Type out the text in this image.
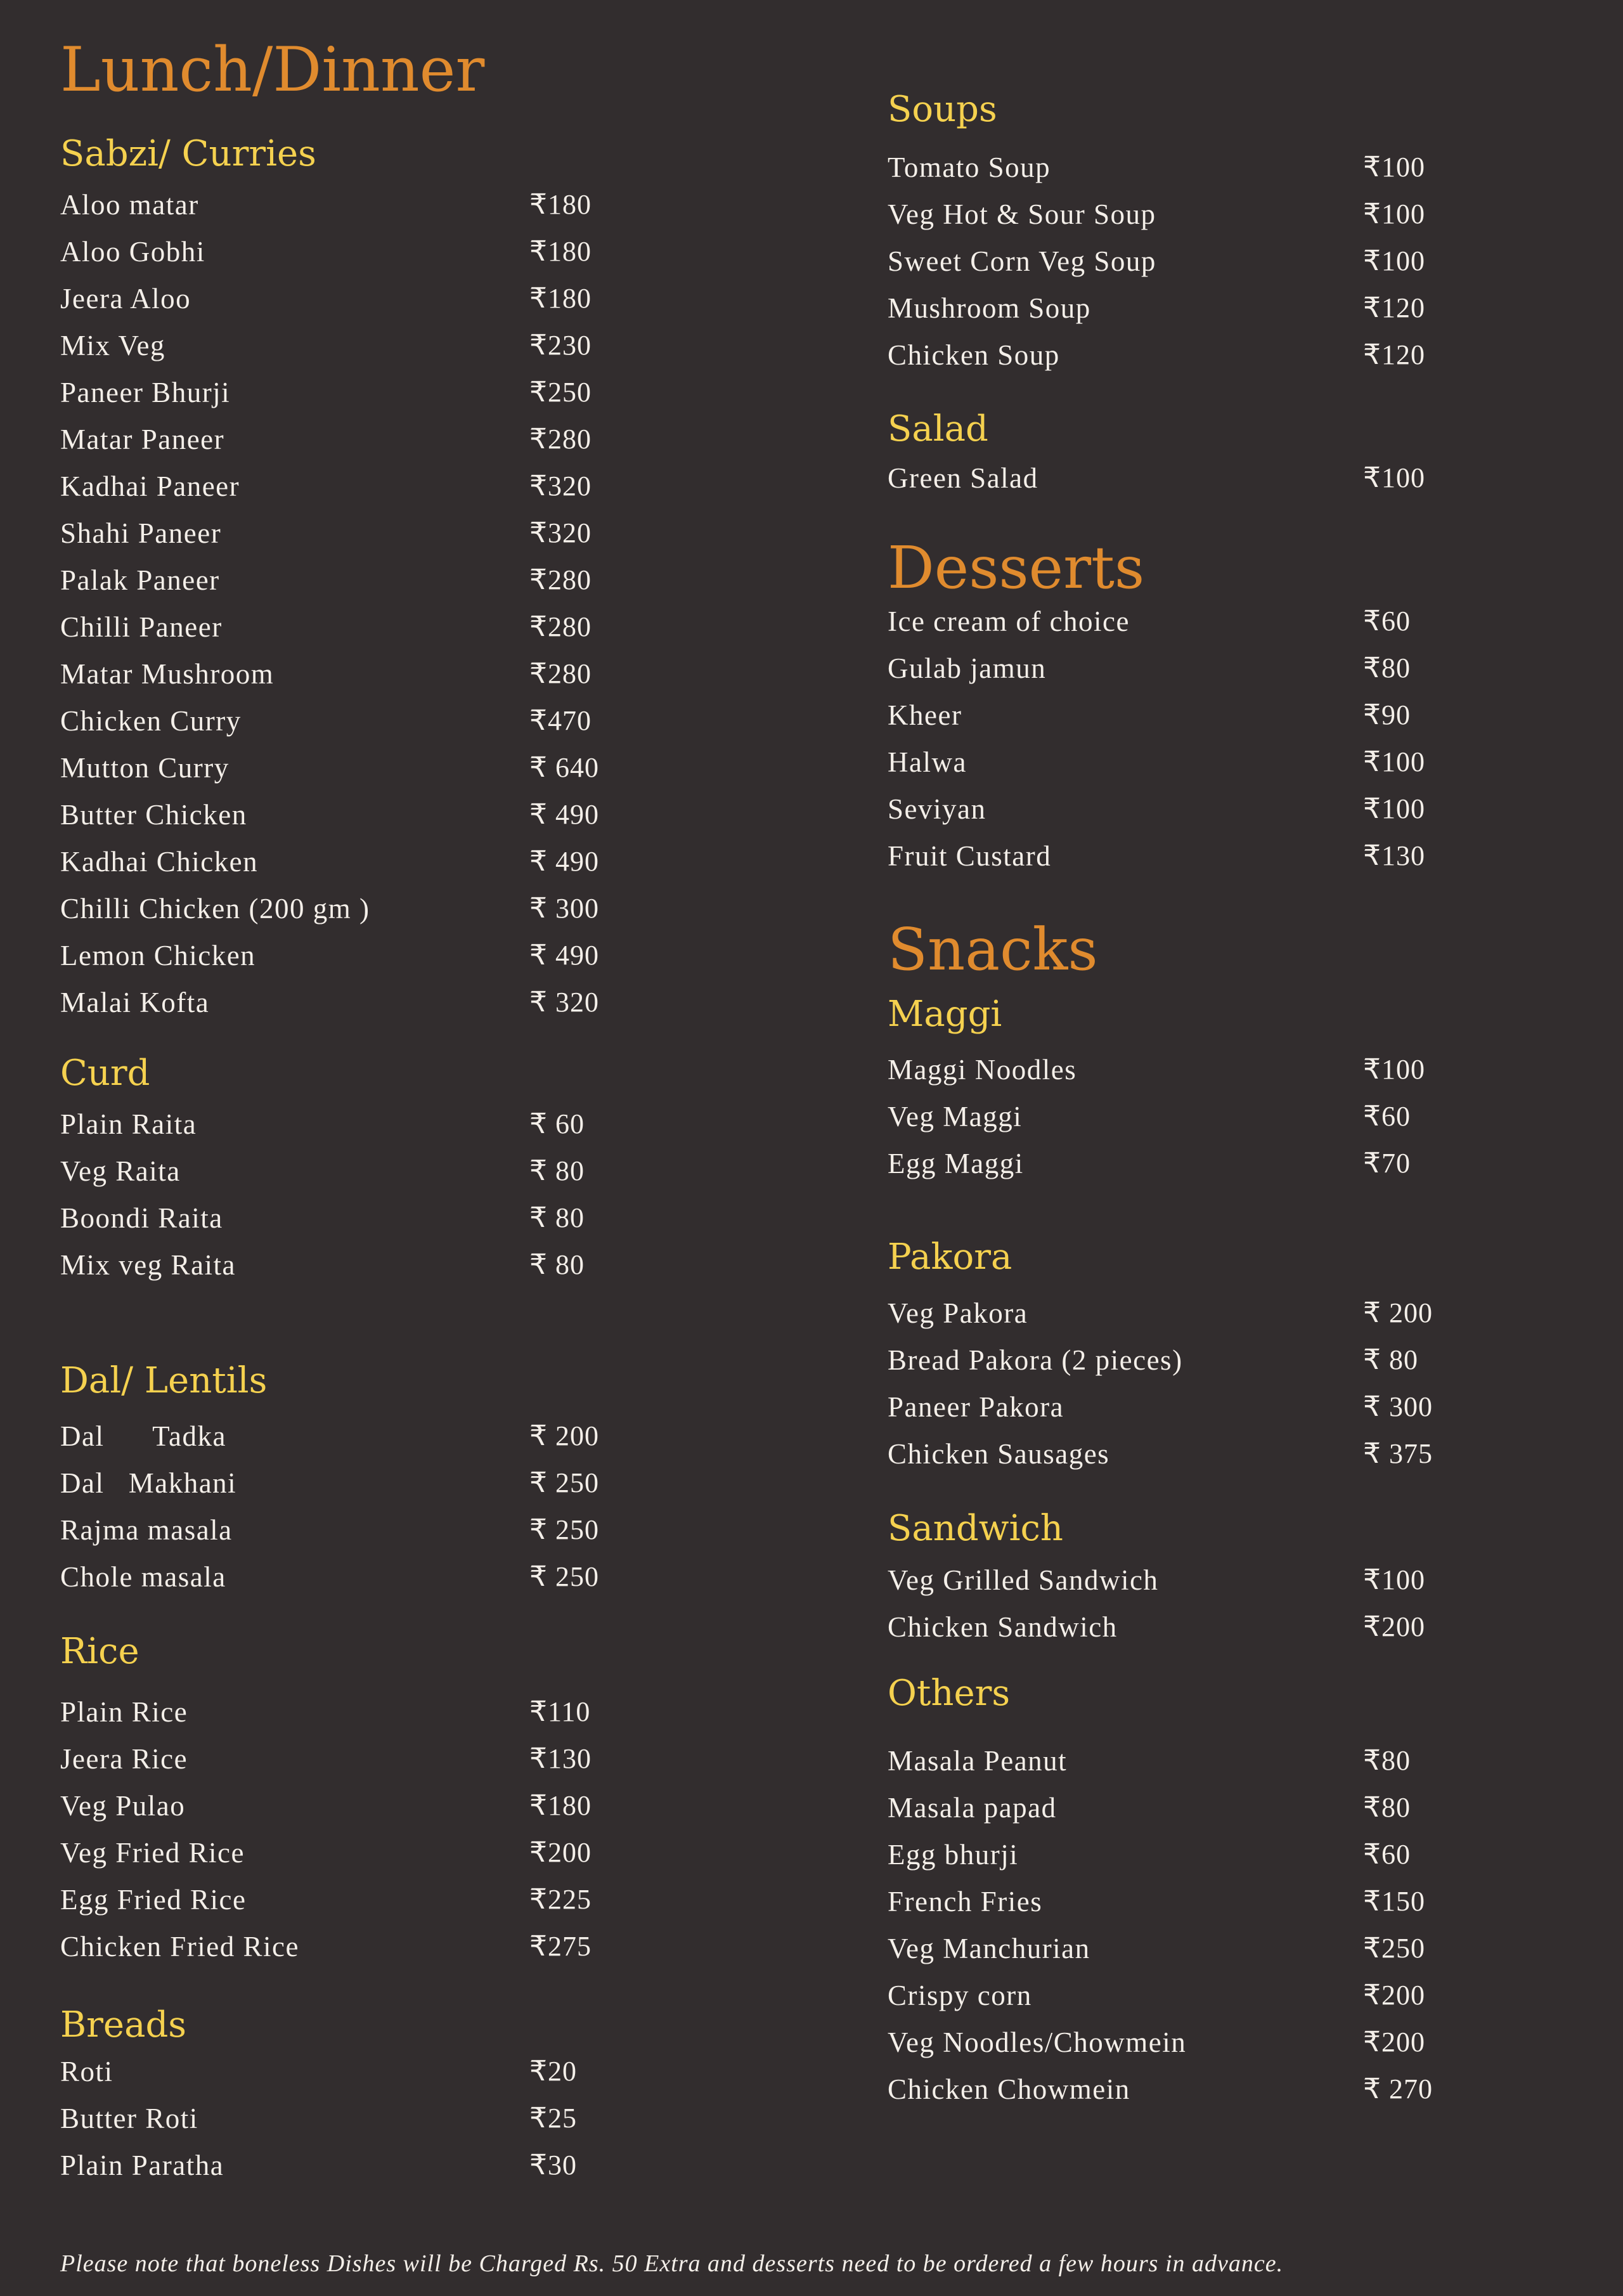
Lunch/Dinner
Sabzi/ Curries
Aloo matar	₹180
Aloo Gobhi	₹180
Jeera Aloo	₹180
Mix Veg	₹230
Paneer Bhurji	₹250
Matar Paneer	₹280
Kadhai Paneer	₹320
Shahi Paneer	₹320
Palak Paneer	₹280
Chilli Paneer	₹280
Matar Mushroom	₹280
Chicken Curry	₹470
Mutton Curry	₹ 640
Butter Chicken	₹ 490
Kadhai Chicken	₹ 490
Chilli Chicken (200 gm )	₹ 300
Lemon Chicken	₹ 490
Malai Kofta	₹ 320
Curd
Plain Raita	₹ 60
Veg Raita	₹ 80
Boondi Raita	₹ 80
Mix veg Raita	₹ 80
Dal/ Lentils
Dal      Tadka	₹ 200
Dal   Makhani	₹ 250
Rajma masala	₹ 250
Chole masala	₹ 250
Rice
Plain Rice	₹110
Jeera Rice	₹130
Veg Pulao	₹180
Veg Fried Rice	₹200
Egg Fried Rice	₹225
Chicken Fried Rice	₹275
Breads
Roti	₹20
Butter Roti	₹25
Plain Paratha	₹30
Soups
Tomato Soup	₹100
Veg Hot & Sour Soup	₹100
Sweet Corn Veg Soup	₹100
Mushroom Soup	₹120
Chicken Soup	₹120
Salad
Green Salad	₹100
Desserts
Ice cream of choice	₹60
Gulab jamun	₹80
Kheer	₹90
Halwa	₹100
Seviyan	₹100
Fruit Custard	₹130
Snacks
Maggi
Maggi Noodles	₹100
Veg Maggi	₹60
Egg Maggi	₹70
Pakora
Veg Pakora	₹ 200
Bread Pakora (2 pieces)	₹ 80
Paneer Pakora	₹ 300
Chicken Sausages	₹ 375
Sandwich
Veg Grilled Sandwich	₹100
Chicken Sandwich	₹200
Others
Masala Peanut	₹80
Masala papad	₹80
Egg bhurji	₹60
French Fries	₹150
Veg Manchurian	₹250
Crispy corn	₹200
Veg Noodles/Chowmein	₹200
Chicken Chowmein	₹ 270

Please note that boneless Dishes will be Charged Rs. 50 Extra and desserts need to be ordered a few hours in advance.
